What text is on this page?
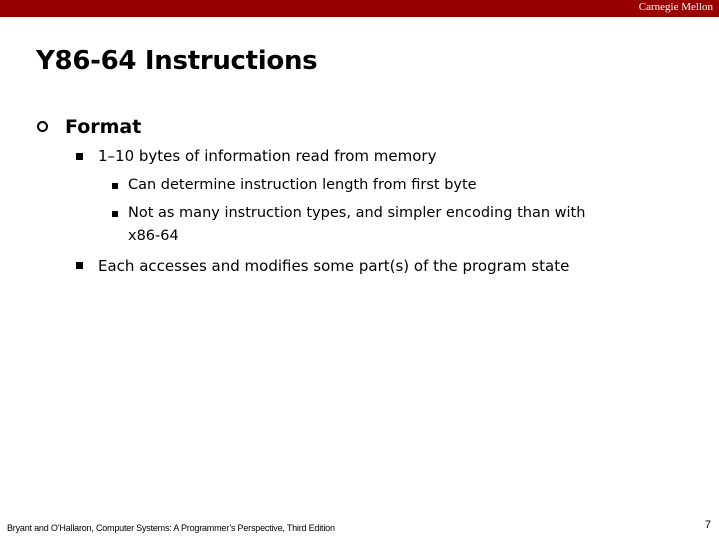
Carnegie Mellon
Y86-64 Instructions
Format
1–10 bytes of information read from memory
Can determine instruction length from first byte
Not as many instruction types, and simpler encoding than with
x86-64
Each accesses and modifies some part(s) of the program state
Bryant and O’Hallaron, Computer Systems: A Programmer’s Perspective, Third Edition	7
